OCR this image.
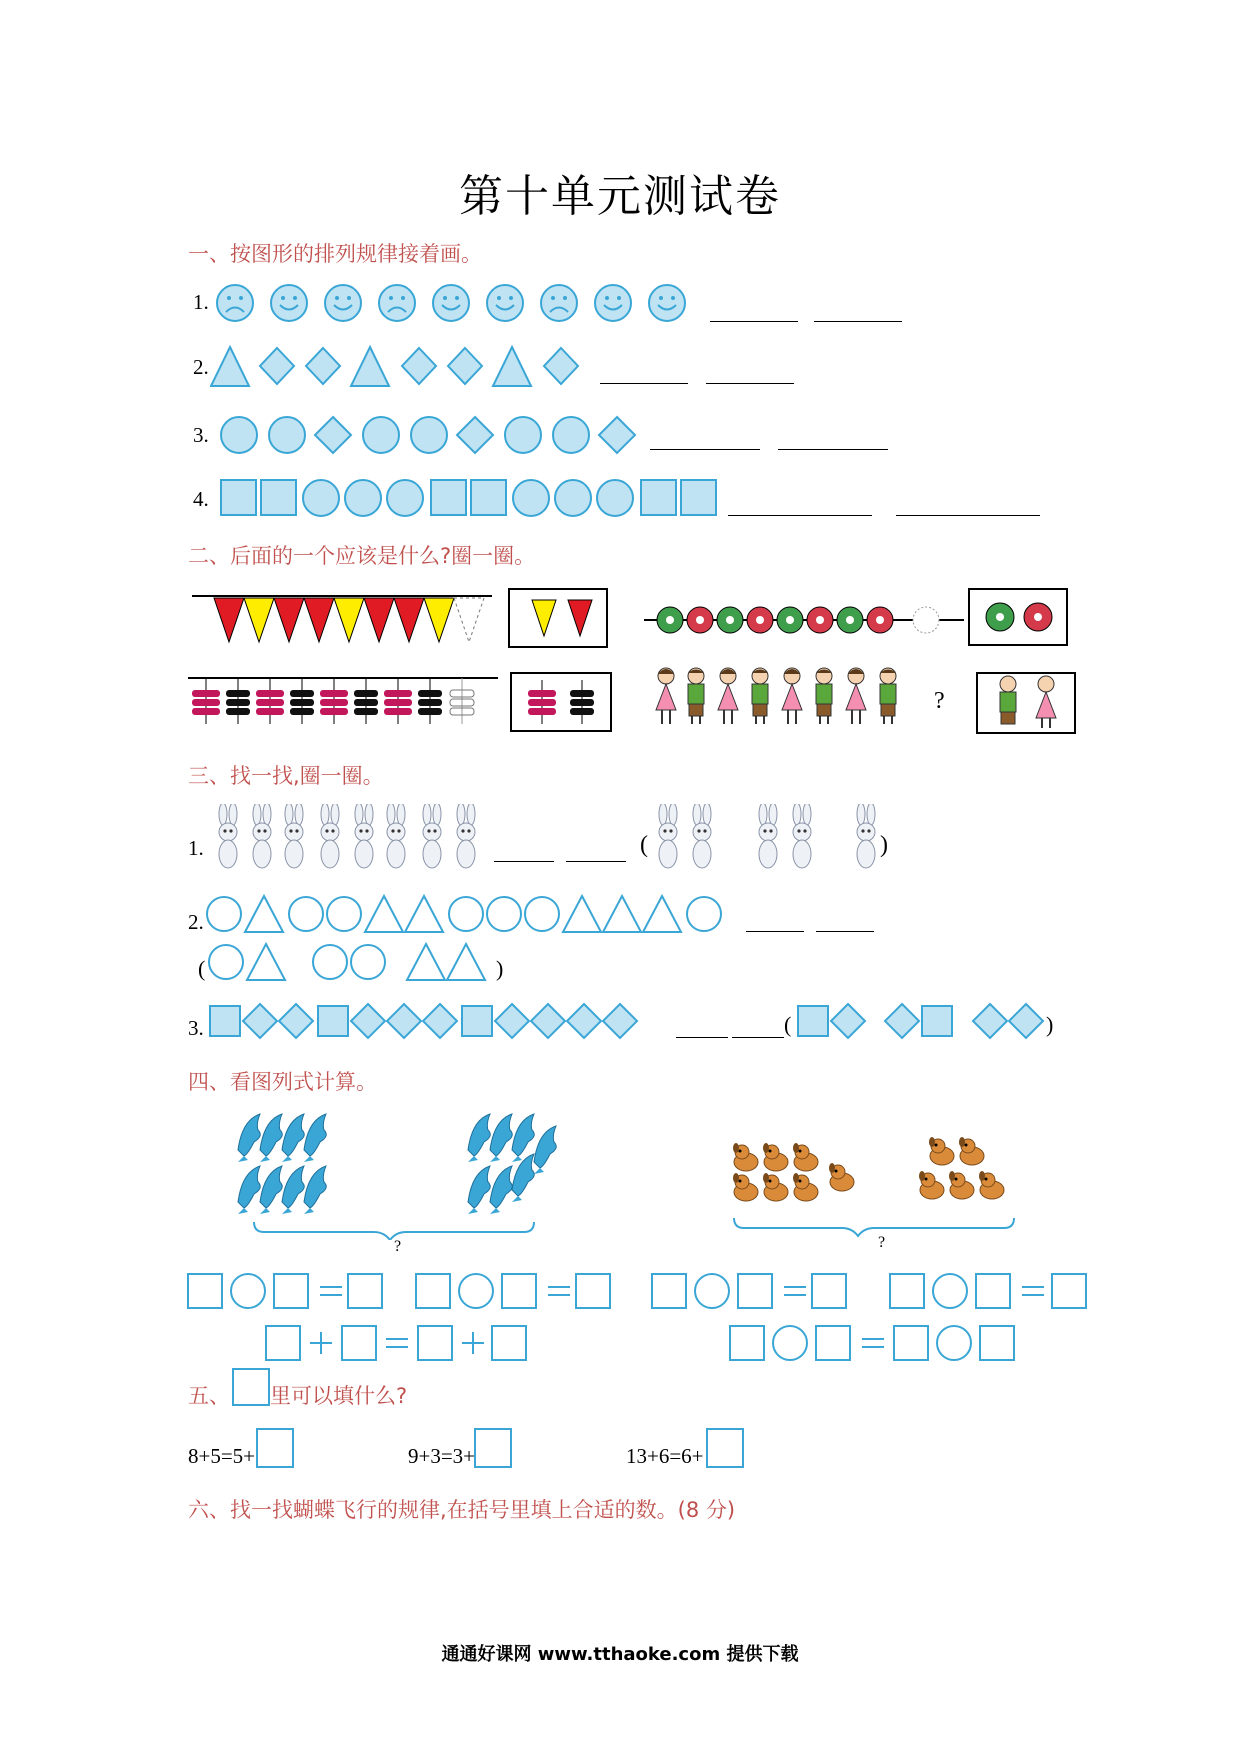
第十单元测试卷
一、按图形的排列规律接着画。
1.
2.
3.
4.
二、后面的一个应该是什么?圈一圈。
?
三、找一找,圈一圈。
1.	(	)
2.
(	)
3.	(	)
四、看图列式计算。
?	?
五、 里可以填什么?
8+5=5+	9+3=3+	13+6=6+
六、找一找蝴蝶飞行的规律,在括号里填上合适的数。(8 分)
通通好课网 www.tthaoke.com 提供下载
